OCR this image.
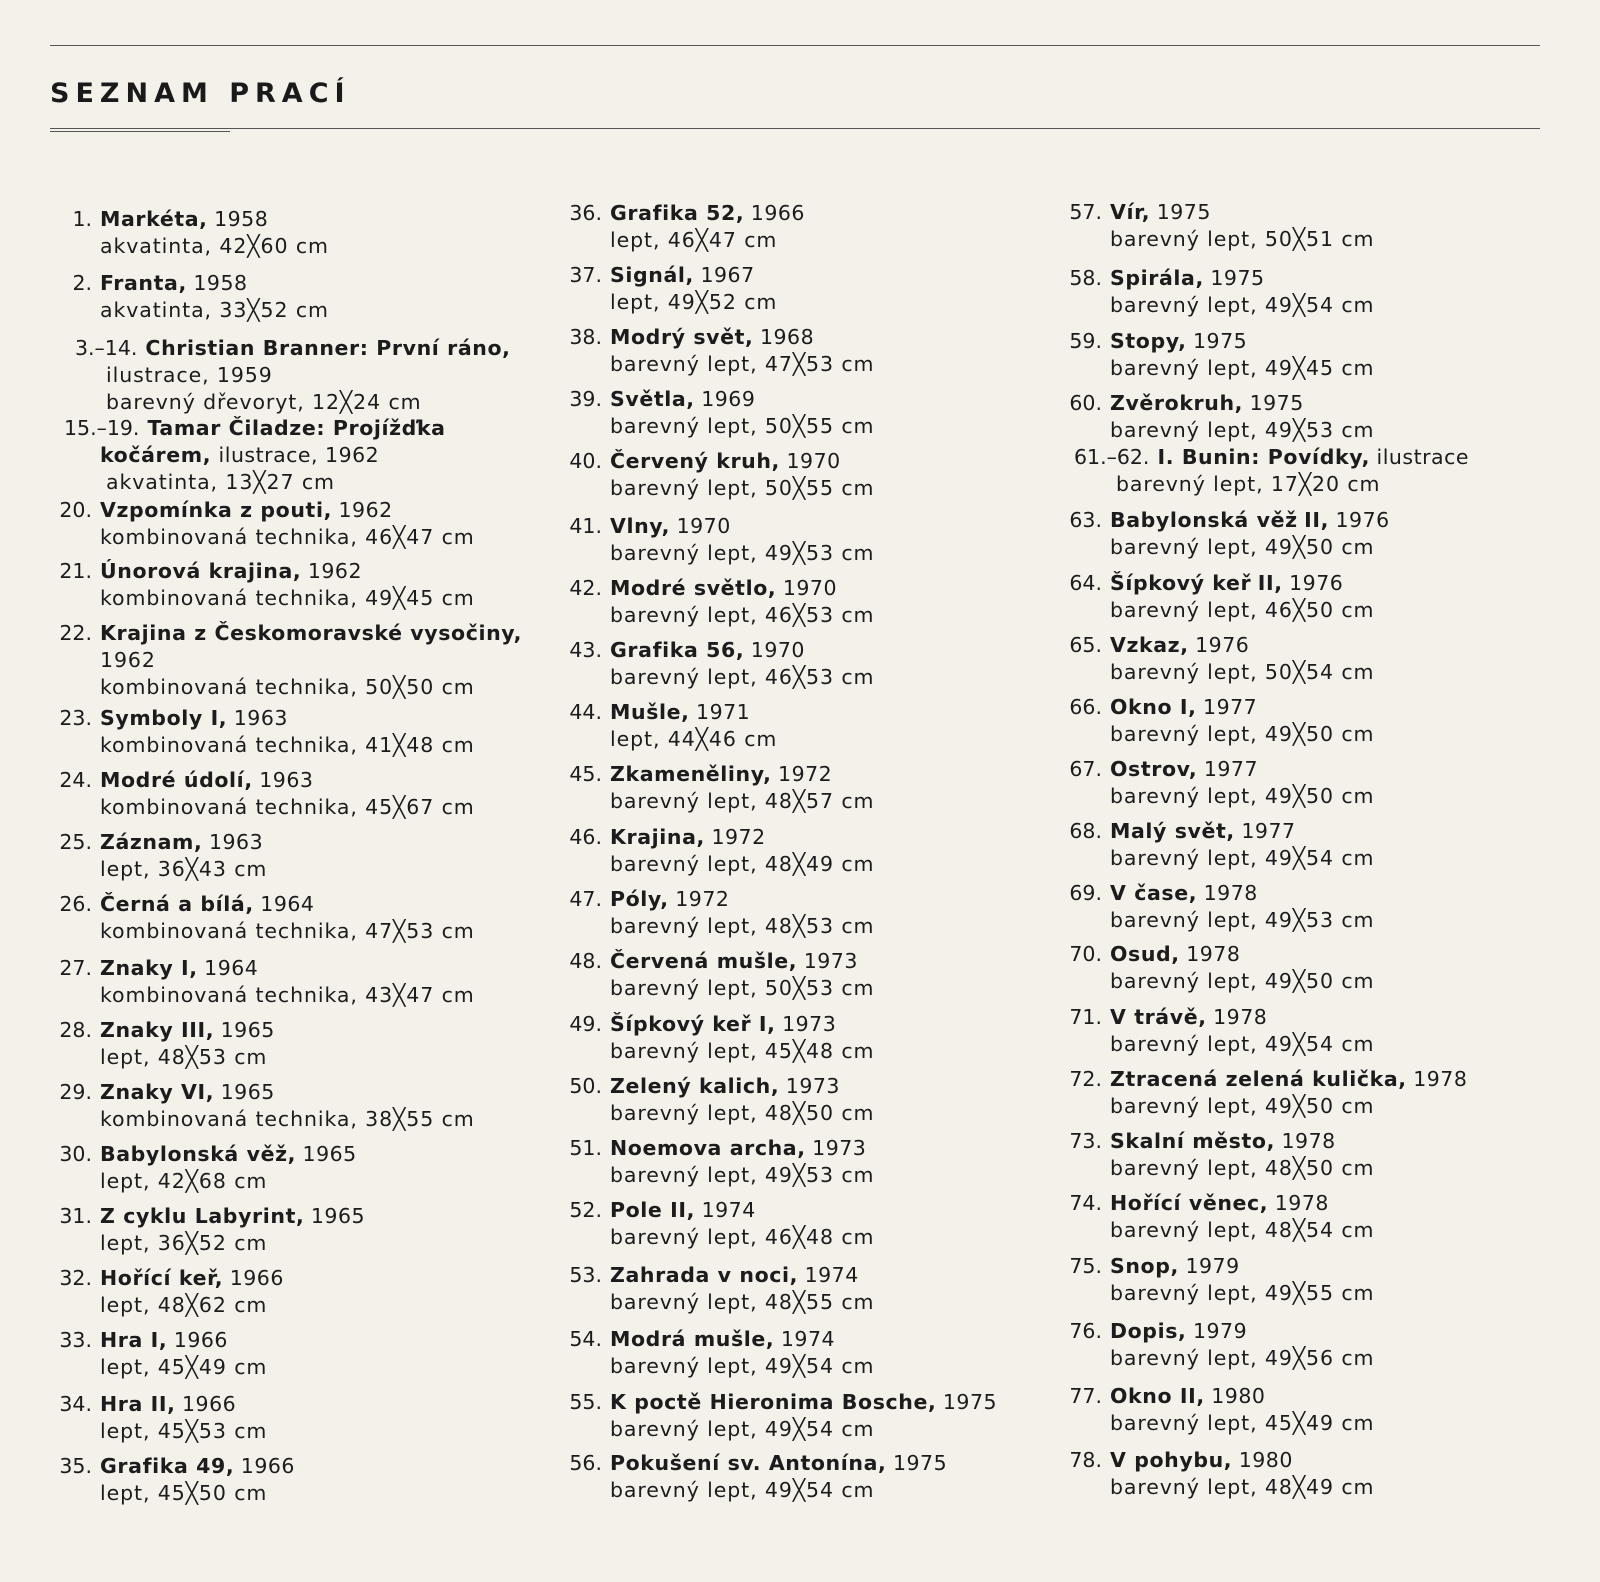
SEZNAM PRACÍ
1. Markéta, 1958
akvatinta, 42╳60 cm
2. Franta, 1958
akvatinta, 33╳52 cm
3.–14. Christian Branner: První ráno,
ilustrace, 1959
barevný dřevoryt, 12╳24 cm
15.–19. Tamar Čiladze: Projížďka
kočárem, ilustrace, 1962
akvatinta, 13╳27 cm
20. Vzpomínka z pouti, 1962
kombinovaná technika, 46╳47 cm
21. Únorová krajina, 1962
kombinovaná technika, 49╳45 cm
22. Krajina z Českomoravské vysočiny,
1962
kombinovaná technika, 50╳50 cm
23. Symboly I, 1963
kombinovaná technika, 41╳48 cm
24. Modré údolí, 1963
kombinovaná technika, 45╳67 cm
25. Záznam, 1963
lept, 36╳43 cm
26. Černá a bílá, 1964
kombinovaná technika, 47╳53 cm
27. Znaky I, 1964
kombinovaná technika, 43╳47 cm
28. Znaky III, 1965
lept, 48╳53 cm
29. Znaky VI, 1965
kombinovaná technika, 38╳55 cm
30. Babylonská věž, 1965
lept, 42╳68 cm
31. Z cyklu Labyrint, 1965
lept, 36╳52 cm
32. Hořící keř, 1966
lept, 48╳62 cm
33. Hra I, 1966
lept, 45╳49 cm
34. Hra II, 1966
lept, 45╳53 cm
35. Grafika 49, 1966
lept, 45╳50 cm
36. Grafika 52, 1966
lept, 46╳47 cm
37. Signál, 1967
lept, 49╳52 cm
38. Modrý svět, 1968
barevný lept, 47╳53 cm
39. Světla, 1969
barevný lept, 50╳55 cm
40. Červený kruh, 1970
barevný lept, 50╳55 cm
41. Vlny, 1970
barevný lept, 49╳53 cm
42. Modré světlo, 1970
barevný lept, 46╳53 cm
43. Grafika 56, 1970
barevný lept, 46╳53 cm
44. Mušle, 1971
lept, 44╳46 cm
45. Zkameněliny, 1972
barevný lept, 48╳57 cm
46. Krajina, 1972
barevný lept, 48╳49 cm
47. Póly, 1972
barevný lept, 48╳53 cm
48. Červená mušle, 1973
barevný lept, 50╳53 cm
49. Šípkový keř I, 1973
barevný lept, 45╳48 cm
50. Zelený kalich, 1973
barevný lept, 48╳50 cm
51. Noemova archa, 1973
barevný lept, 49╳53 cm
52. Pole II, 1974
barevný lept, 46╳48 cm
53. Zahrada v noci, 1974
barevný lept, 48╳55 cm
54. Modrá mušle, 1974
barevný lept, 49╳54 cm
55. K poctě Hieronima Bosche, 1975
barevný lept, 49╳54 cm
56. Pokušení sv. Antonína, 1975
barevný lept, 49╳54 cm
57. Vír, 1975
barevný lept, 50╳51 cm
58. Spirála, 1975
barevný lept, 49╳54 cm
59. Stopy, 1975
barevný lept, 49╳45 cm
60. Zvěrokruh, 1975
barevný lept, 49╳53 cm
61.–62. I. Bunin: Povídky, ilustrace
barevný lept, 17╳20 cm
63. Babylonská věž II, 1976
barevný lept, 49╳50 cm
64. Šípkový keř II, 1976
barevný lept, 46╳50 cm
65. Vzkaz, 1976
barevný lept, 50╳54 cm
66. Okno I, 1977
barevný lept, 49╳50 cm
67. Ostrov, 1977
barevný lept, 49╳50 cm
68. Malý svět, 1977
barevný lept, 49╳54 cm
69. V čase, 1978
barevný lept, 49╳53 cm
70. Osud, 1978
barevný lept, 49╳50 cm
71. V trávě, 1978
barevný lept, 49╳54 cm
72. Ztracená zelená kulička, 1978
barevný lept, 49╳50 cm
73. Skalní město, 1978
barevný lept, 48╳50 cm
74. Hořící věnec, 1978
barevný lept, 48╳54 cm
75. Snop, 1979
barevný lept, 49╳55 cm
76. Dopis, 1979
barevný lept, 49╳56 cm
77. Okno II, 1980
barevný lept, 45╳49 cm
78. V pohybu, 1980
barevný lept, 48╳49 cm
